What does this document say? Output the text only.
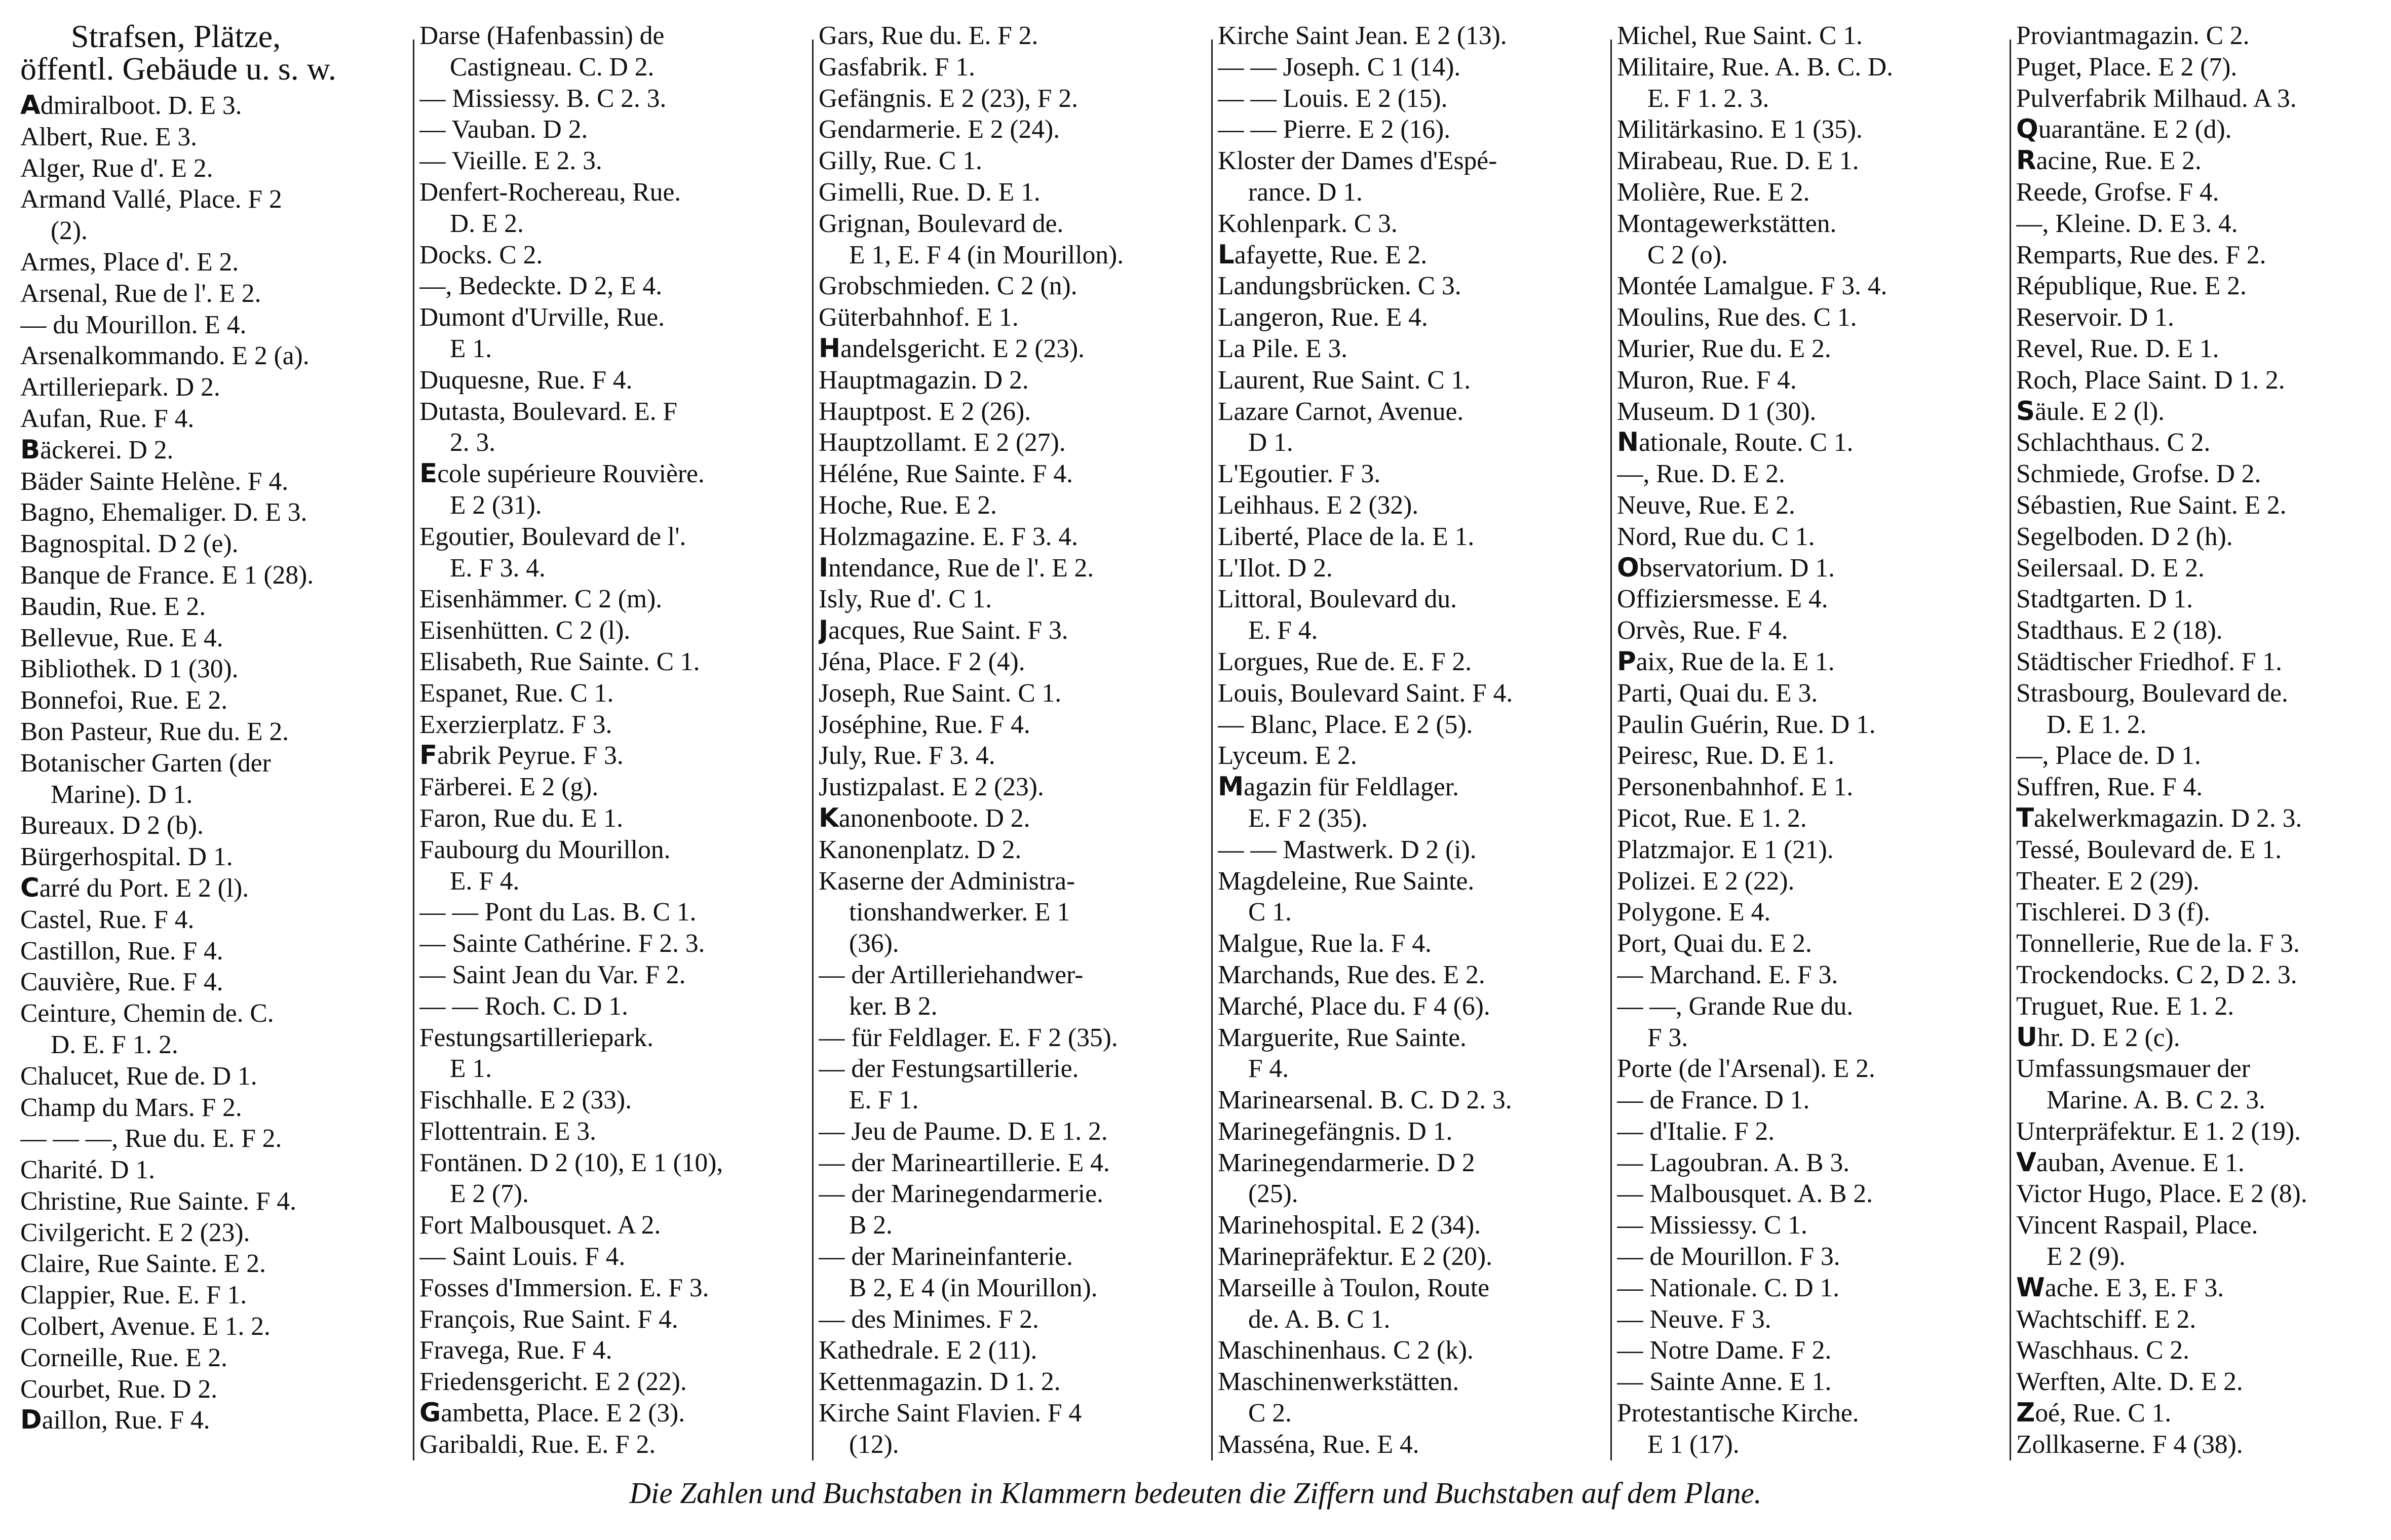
Strafsen, Plätze,
öffentl. Gebäude u. s. w.
Admiralboot. D. E 3.
Albert, Rue. E 3.
Alger, Rue d'. E 2.
Armand Vallé, Place. F 2
(2).
Armes, Place d'. E 2.
Arsenal, Rue de l'. E 2.
— du Mourillon. E 4.
Arsenalkommando. E 2 (a).
Artilleriepark. D 2.
Aufan, Rue. F 4.
Bäckerei. D 2.
Bäder Sainte Helène. F 4.
Bagno, Ehemaliger. D. E 3.
Bagnospital. D 2 (e).
Banque de France. E 1 (28).
Baudin, Rue. E 2.
Bellevue, Rue. E 4.
Bibliothek. D 1 (30).
Bonnefoi, Rue. E 2.
Bon Pasteur, Rue du. E 2.
Botanischer Garten (der
Marine). D 1.
Bureaux. D 2 (b).
Bürgerhospital. D 1.
Carré du Port. E 2 (l).
Castel, Rue. F 4.
Castillon, Rue. F 4.
Cauvière, Rue. F 4.
Ceinture, Chemin de. C.
D. E. F 1. 2.
Chalucet, Rue de. D 1.
Champ du Mars. F 2.
— — —, Rue du. E. F 2.
Charité. D 1.
Christine, Rue Sainte. F 4.
Civilgericht. E 2 (23).
Claire, Rue Sainte. E 2.
Clappier, Rue. E. F 1.
Colbert, Avenue. E 1. 2.
Corneille, Rue. E 2.
Courbet, Rue. D 2.
Daillon, Rue. F 4.
Darse (Hafenbassin) de
Castigneau. C. D 2.
— Missiessy. B. C 2. 3.
— Vauban. D 2.
— Vieille. E 2. 3.
Denfert-Rochereau, Rue.
D. E 2.
Docks. C 2.
—, Bedeckte. D 2, E 4.
Dumont d'Urville, Rue.
E 1.
Duquesne, Rue. F 4.
Dutasta, Boulevard. E. F
2. 3.
Ecole supérieure Rouvière.
E 2 (31).
Egoutier, Boulevard de l'.
E. F 3. 4.
Eisenhämmer. C 2 (m).
Eisenhütten. C 2 (l).
Elisabeth, Rue Sainte. C 1.
Espanet, Rue. C 1.
Exerzierplatz. F 3.
Fabrik Peyrue. F 3.
Färberei. E 2 (g).
Faron, Rue du. E 1.
Faubourg du Mourillon.
E. F 4.
— — Pont du Las. B. C 1.
— Sainte Cathérine. F 2. 3.
— Saint Jean du Var. F 2.
— — Roch. C. D 1.
Festungsartilleriepark.
E 1.
Fischhalle. E 2 (33).
Flottentrain. E 3.
Fontänen. D 2 (10), E 1 (10),
E 2 (7).
Fort Malbousquet. A 2.
— Saint Louis. F 4.
Fosses d'Immersion. E. F 3.
François, Rue Saint. F 4.
Fravega, Rue. F 4.
Friedensgericht. E 2 (22).
Gambetta, Place. E 2 (3).
Garibaldi, Rue. E. F 2.
Gars, Rue du. E. F 2.
Gasfabrik. F 1.
Gefängnis. E 2 (23), F 2.
Gendarmerie. E 2 (24).
Gilly, Rue. C 1.
Gimelli, Rue. D. E 1.
Grignan, Boulevard de.
E 1, E. F 4 (in Mourillon).
Grobschmieden. C 2 (n).
Güterbahnhof. E 1.
Handelsgericht. E 2 (23).
Hauptmagazin. D 2.
Hauptpost. E 2 (26).
Hauptzollamt. E 2 (27).
Héléne, Rue Sainte. F 4.
Hoche, Rue. E 2.
Holzmagazine. E. F 3. 4.
Intendance, Rue de l'. E 2.
Isly, Rue d'. C 1.
Jacques, Rue Saint. F 3.
Jéna, Place. F 2 (4).
Joseph, Rue Saint. C 1.
Joséphine, Rue. F 4.
July, Rue. F 3. 4.
Justizpalast. E 2 (23).
Kanonenboote. D 2.
Kanonenplatz. D 2.
Kaserne der Administra-
tionshandwerker. E 1
(36).
— der Artilleriehandwer-
ker. B 2.
— für Feldlager. E. F 2 (35).
— der Festungsartillerie.
E. F 1.
— Jeu de Paume. D. E 1. 2.
— der Marineartillerie. E 4.
— der Marinegendarmerie.
B 2.
— der Marineinfanterie.
B 2, E 4 (in Mourillon).
— des Minimes. F 2.
Kathedrale. E 2 (11).
Kettenmagazin. D 1. 2.
Kirche Saint Flavien. F 4
(12).
Kirche Saint Jean. E 2 (13).
— — Joseph. C 1 (14).
— — Louis. E 2 (15).
— — Pierre. E 2 (16).
Kloster der Dames d'Espé-
rance. D 1.
Kohlenpark. C 3.
Lafayette, Rue. E 2.
Landungsbrücken. C 3.
Langeron, Rue. E 4.
La Pile. E 3.
Laurent, Rue Saint. C 1.
Lazare Carnot, Avenue.
D 1.
L'Egoutier. F 3.
Leihhaus. E 2 (32).
Liberté, Place de la. E 1.
L'Ilot. D 2.
Littoral, Boulevard du.
E. F 4.
Lorgues, Rue de. E. F 2.
Louis, Boulevard Saint. F 4.
— Blanc, Place. E 2 (5).
Lyceum. E 2.
Magazin für Feldlager.
E. F 2 (35).
— — Mastwerk. D 2 (i).
Magdeleine, Rue Sainte.
C 1.
Malgue, Rue la. F 4.
Marchands, Rue des. E 2.
Marché, Place du. F 4 (6).
Marguerite, Rue Sainte.
F 4.
Marinearsenal. B. C. D 2. 3.
Marinegefängnis. D 1.
Marinegendarmerie. D 2
(25).
Marinehospital. E 2 (34).
Marinepräfektur. E 2 (20).
Marseille à Toulon, Route
de. A. B. C 1.
Maschinenhaus. C 2 (k).
Maschinenwerkstätten.
C 2.
Masséna, Rue. E 4.
Michel, Rue Saint. C 1.
Militaire, Rue. A. B. C. D.
E. F 1. 2. 3.
Militärkasino. E 1 (35).
Mirabeau, Rue. D. E 1.
Molière, Rue. E 2.
Montagewerkstätten.
C 2 (o).
Montée Lamalgue. F 3. 4.
Moulins, Rue des. C 1.
Murier, Rue du. E 2.
Muron, Rue. F 4.
Museum. D 1 (30).
Nationale, Route. C 1.
—, Rue. D. E 2.
Neuve, Rue. E 2.
Nord, Rue du. C 1.
Observatorium. D 1.
Offiziersmesse. E 4.
Orvès, Rue. F 4.
Paix, Rue de la. E 1.
Parti, Quai du. E 3.
Paulin Guérin, Rue. D 1.
Peiresc, Rue. D. E 1.
Personenbahnhof. E 1.
Picot, Rue. E 1. 2.
Platzmajor. E 1 (21).
Polizei. E 2 (22).
Polygone. E 4.
Port, Quai du. E 2.
— Marchand. E. F 3.
— —, Grande Rue du.
F 3.
Porte (de l'Arsenal). E 2.
— de France. D 1.
— d'Italie. F 2.
— Lagoubran. A. B 3.
— Malbousquet. A. B 2.
— Missiessy. C 1.
— de Mourillon. F 3.
— Nationale. C. D 1.
— Neuve. F 3.
— Notre Dame. F 2.
— Sainte Anne. E 1.
Protestantische Kirche.
E 1 (17).
Proviantmagazin. C 2.
Puget, Place. E 2 (7).
Pulverfabrik Milhaud. A 3.
Quarantäne. E 2 (d).
Racine, Rue. E 2.
Reede, Grofse. F 4.
—, Kleine. D. E 3. 4.
Remparts, Rue des. F 2.
République, Rue. E 2.
Reservoir. D 1.
Revel, Rue. D. E 1.
Roch, Place Saint. D 1. 2.
Säule. E 2 (l).
Schlachthaus. C 2.
Schmiede, Grofse. D 2.
Sébastien, Rue Saint. E 2.
Segelboden. D 2 (h).
Seilersaal. D. E 2.
Stadtgarten. D 1.
Stadthaus. E 2 (18).
Städtischer Friedhof. F 1.
Strasbourg, Boulevard de.
D. E 1. 2.
—, Place de. D 1.
Suffren, Rue. F 4.
Takelwerkmagazin. D 2. 3.
Tessé, Boulevard de. E 1.
Theater. E 2 (29).
Tischlerei. D 3 (f).
Tonnellerie, Rue de la. F 3.
Trockendocks. C 2, D 2. 3.
Truguet, Rue. E 1. 2.
Uhr. D. E 2 (c).
Umfassungsmauer der
Marine. A. B. C 2. 3.
Unterpräfektur. E 1. 2 (19).
Vauban, Avenue. E 1.
Victor Hugo, Place. E 2 (8).
Vincent Raspail, Place.
E 2 (9).
Wache. E 3, E. F 3.
Wachtschiff. E 2.
Waschhaus. C 2.
Werften, Alte. D. E 2.
Zoé, Rue. C 1.
Zollkaserne. F 4 (38).
Die Zahlen und Buchstaben in Klammern bedeuten die Ziffern und Buchstaben auf dem Plane.
